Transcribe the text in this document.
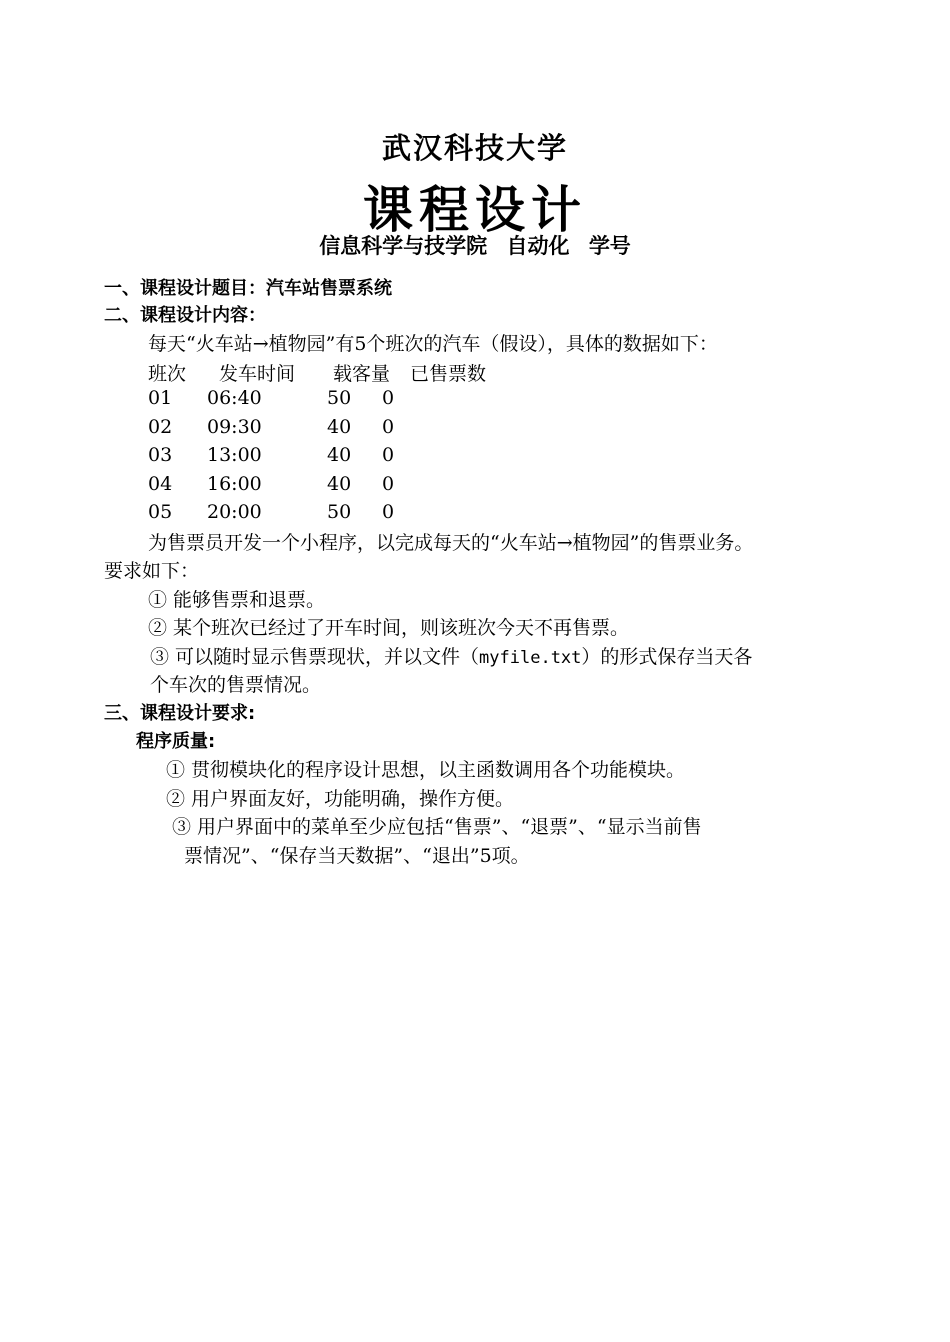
武汉科技大学
课程设计
信息科学与技学院 自动化 学号
一、课程设计题目：汽车站售票系统
二、课程设计内容：
每天“火车站→植物园”有5个班次的汽车（假设），具体的数据如下：
班次 发车时间 载客量 已售票数
01 06:40	50 0
02 09:30	40 0
03 13:00	40 0
04 16:00	40 0
05 20:00	50 0
为售票员开发一个小程序，以完成每天的“火车站→植物园”的售票业务。
要求如下：
① 能够售票和退票。
② 某个班次已经过了开车时间，则该班次今天不再售票。
③ 可以随时显示售票现状，并以文件（myfile.txt）的形式保存当天各
个车次的售票情况。
三、课程设计要求:
程序质量:
① 贯彻模块化的程序设计思想，以主函数调用各个功能模块。
② 用户界面友好，功能明确，操作方便。
③ 用户界面中的菜单至少应包括“售票”、“退票”、“显示当前售
票情况”、“保存当天数据”、“退出”5项。
